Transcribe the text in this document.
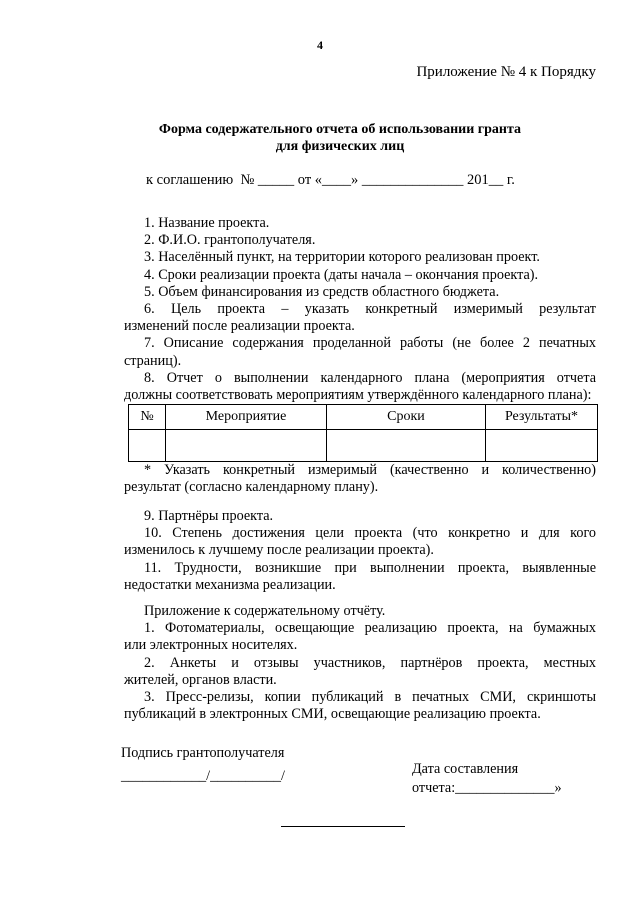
4
Приложение № 4 к Порядку
Форма содержательного отчета об использовании гранта
для физических лиц
к соглашению  № _____ от «____» ______________ 201__ г.
1. Название проекта.
2. Ф.И.О. грантополучателя.
3. Населённый пункт, на территории которого реализован проект.
4. Сроки реализации проекта (даты начала – окончания проекта).
5. Объем финансирования из средств областного бюджета.
6. Цель проекта – указать конкретный измеримый результат
изменений после реализации проекта.
7. Описание содержания проделанной работы (не более 2 печатных
страниц).
8. Отчет о выполнении календарного плана (мероприятия отчета
должны соответствовать мероприятиям утверждённого календарного плана):
№	Мероприятие	Сроки	Результаты*

* Указать конкретный измеримый (качественно и количественно)
результат (согласно календарному плану).
9. Партнёры проекта.
10. Степень достижения цели проекта (что конкретно и для кого
изменилось к лучшему после реализации проекта).
11. Трудности, возникшие при выполнении проекта, выявленные
недостатки механизма реализации.
Приложение к содержательному отчёту.
1. Фотоматериалы, освещающие реализацию проекта, на бумажных
или электронных носителях.
2. Анкеты и отзывы участников, партнёров проекта, местных
жителей, органов власти.
3. Пресс-релизы, копии публикаций в печатных СМИ, скриншоты
публикаций в электронных СМИ, освещающие реализацию проекта.
Подпись грантополучателя
____________/__________/	Дата составления
отчета:______________»
